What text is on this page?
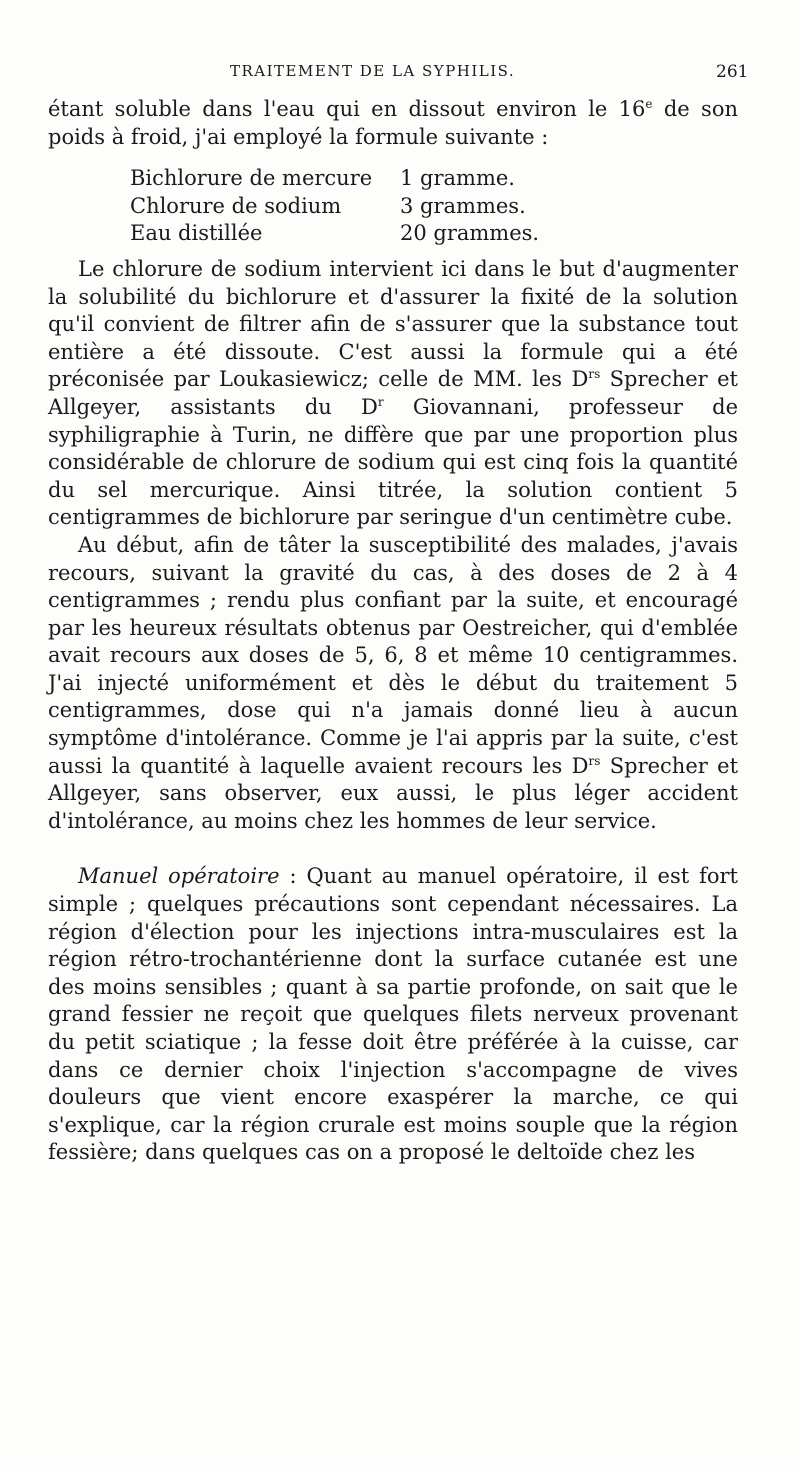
TRAITEMENT DE LA SYPHILIS.	261

étant soluble dans l'eau qui en dissout environ le 16e de son poids à froid, j'ai employé la formule suivante :

Bichlorure de mercure 1 gramme.
Chlorure de sodium	3 grammes.
Eau distillée	20 grammes.

Le chlorure de sodium intervient ici dans le but d'augmenter la solubilité du bichlorure et d'assurer la fixité de la solution qu'il convient de filtrer afin de s'assurer que la substance tout entière a été dissoute. C'est aussi la formule qui a été préconisée par Loukasiewicz; celle de MM. les $D^{rs}$ Sprecher et Allgeyer, assistants du $D^r$ Giovannani, professeur de syphiligraphie à Turin, ne diffère que par une proportion plus considérable de chlorure de sodium qui est cinq fois la quantité du sel mercurique. Ainsi titrée, la solution contient 5 centigrammes de bichlorure par seringue d'un centimètre cube.

Au début, afin de tâter la susceptibilité des malades, j'avais recours, suivant la gravité du cas, à des doses de 2 à 4 centigrammes ; rendu plus confiant par la suite, et encouragé par les heureux résultats obtenus par Oestreicher, qui d'emblée avait recours aux doses de 5, 6, 8 et même 10 centigrammes. J'ai injecté uniformément et dès le début du traitement 5 centigrammes, dose qui n'a jamais donné lieu à aucun symptôme d'intolérance. Comme je l'ai appris par la suite, c'est aussi la quantité à laquelle avaient recours les $D^{rs}$ Sprecher et Allgeyer, sans observer, eux aussi, le plus léger accident d'intolérance, au moins chez les hommes de leur service.

Manuel opératoire : Quant au manuel opératoire, il est fort simple ; quelques précautions sont cependant nécessaires. La région d'élection pour les injections intra-musculaires est la région rétro-trochantérienne dont la surface cutanée est une des moins sensibles ; quant à sa partie profonde, on sait que le grand fessier ne reçoit que quelques filets nerveux provenant du petit sciatique ; la fesse doit être préférée à la cuisse, car dans ce dernier choix l'injection s'accompagne de vives douleurs que vient encore exaspérer la marche, ce qui s'explique, car la région crurale est moins souple que la région fessière; dans quelques cas on a proposé le deltoïde chez les
